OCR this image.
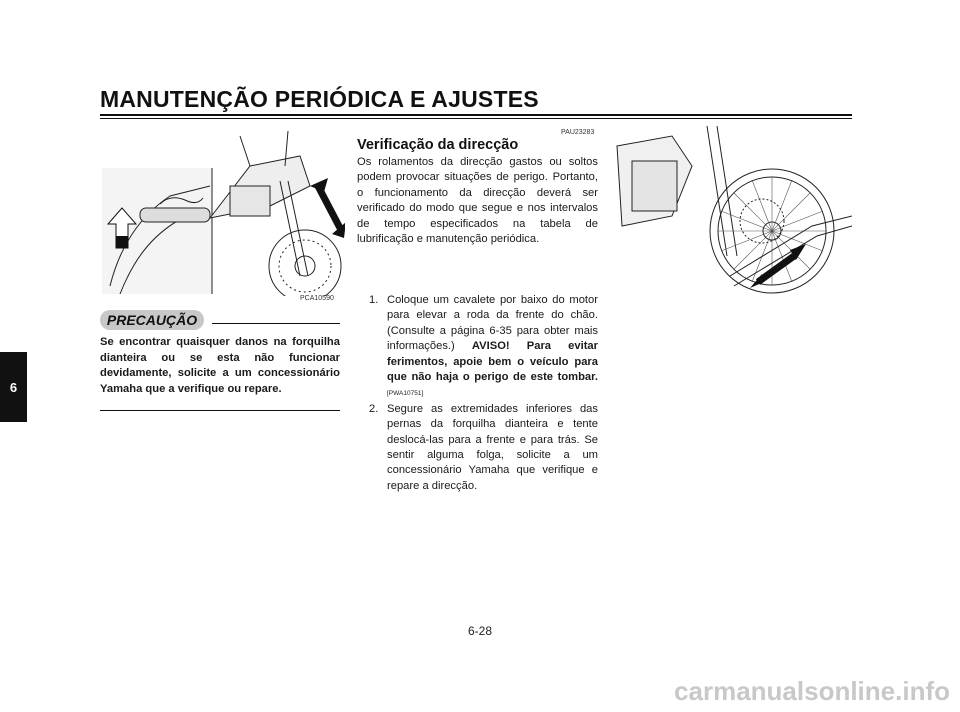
MANUTENÇÃO PERIÓDICA E AJUSTES
6
PCA10590
PRECAUÇÃO

Se encontrar quaisquer danos na forquilha dianteira ou se esta não funcionar devidamente, solicite a um concessionário Yamaha que a verifique ou repare.

PAU23283
Verificação da direcção

Os rolamentos da direcção gastos ou soltos podem provocar situações de perigo. Portanto, o funcionamento da direcção deverá ser verificado do modo que segue e nos intervalos de tempo especificados na tabela de lubrificação e manutenção periódica.

1. Coloque um cavalete por baixo do motor para elevar a roda da frente do chão. (Consulte a página 6-35 para obter mais informações.) AVISO! Para evitar ferimentos, apoie bem o veículo para que não haja o perigo de este tombar. [PWA10751]
2. Segure as extremidades inferiores das pernas da forquilha dianteira e tente deslocá-las para a frente e para trás. Se sentir alguma folga, solicite a um concessionário Yamaha que verifique e repare a direcção.
6-28
carmanualsonline.info
